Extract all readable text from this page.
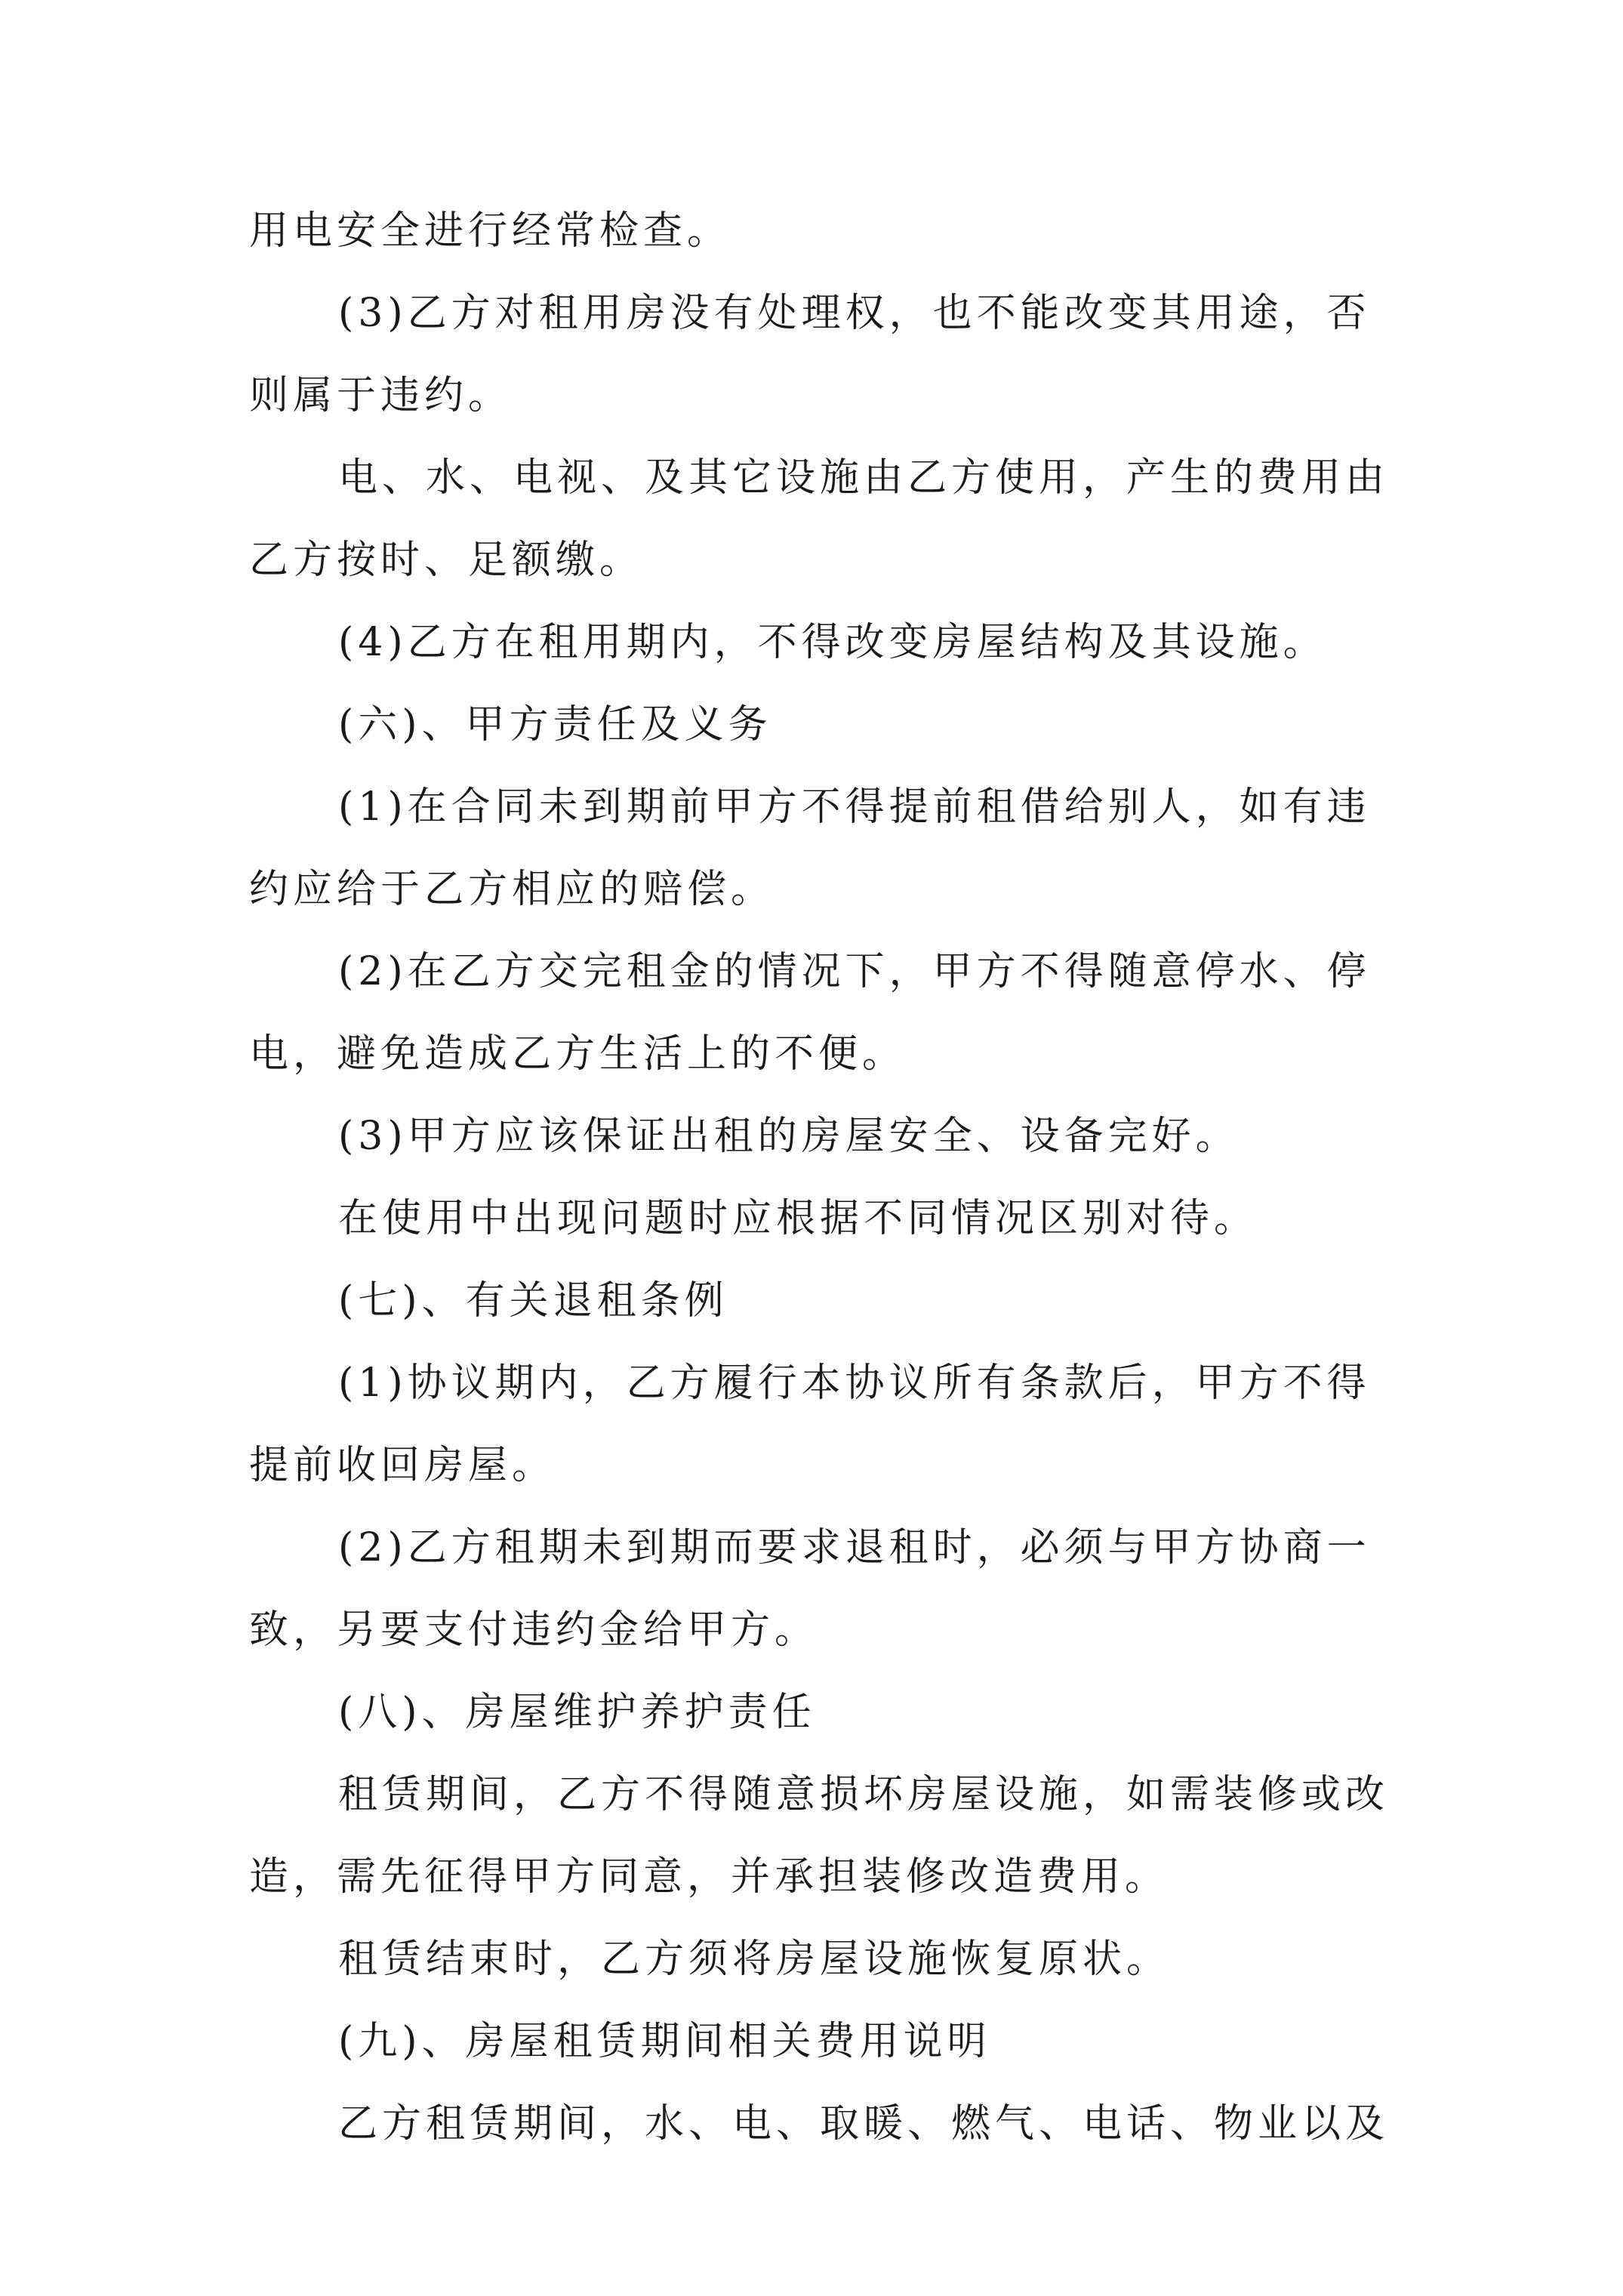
用电安全进行经常检查。
(3)乙方对租用房没有处理权，也不能改变其用途，否
则属于违约。
电、水、电视、及其它设施由乙方使用，产生的费用由
乙方按时、足额缴。
(4)乙方在租用期内，不得改变房屋结构及其设施。
(六)、甲方责任及义务
(1)在合同未到期前甲方不得提前租借给别人，如有违
约应给于乙方相应的赔偿。
(2)在乙方交完租金的情况下，甲方不得随意停水、停
电，避免造成乙方生活上的不便。
(3)甲方应该保证出租的房屋安全、设备完好。
在使用中出现问题时应根据不同情况区别对待。
(七)、有关退租条例
(1)协议期内，乙方履行本协议所有条款后，甲方不得
提前收回房屋。
(2)乙方租期未到期而要求退租时，必须与甲方协商一
致，另要支付违约金给甲方。
(八)、房屋维护养护责任
租赁期间，乙方不得随意损坏房屋设施，如需装修或改
造，需先征得甲方同意，并承担装修改造费用。
租赁结束时，乙方须将房屋设施恢复原状。
(九)、房屋租赁期间相关费用说明
乙方租赁期间，水、电、取暖、燃气、电话、物业以及
